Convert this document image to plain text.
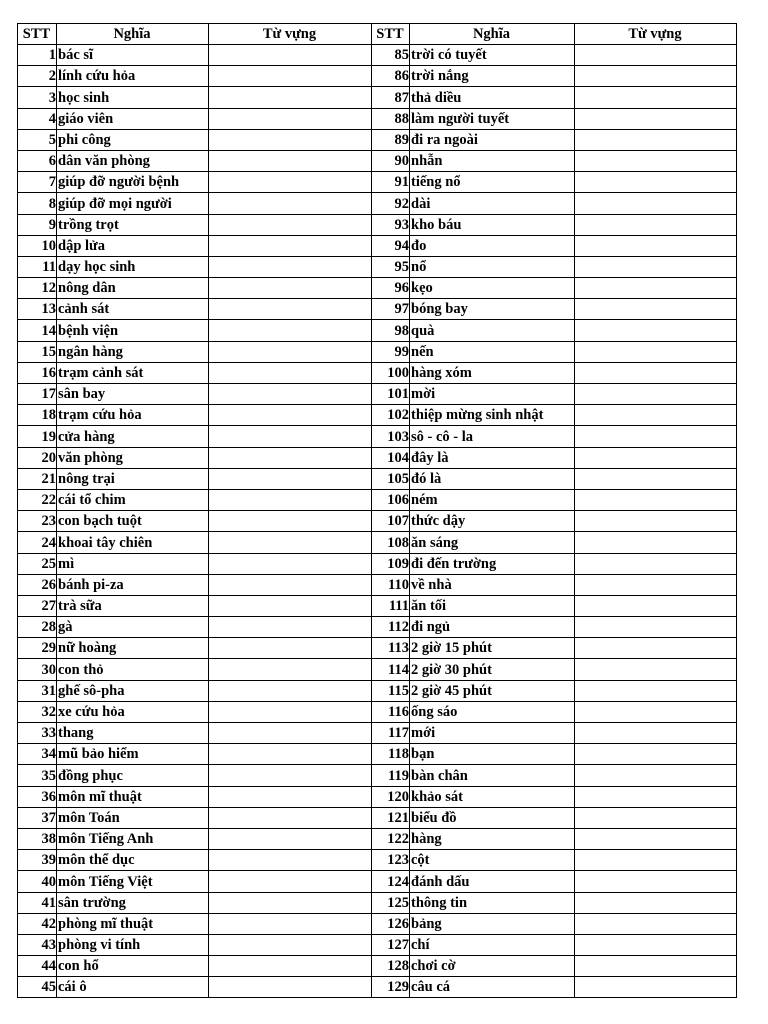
STT	Nghĩa	Từ vựng	STT	Nghĩa	Từ vựng
1	bác sĩ		85	trời có tuyết	
2	lính cứu hỏa		86	trời nắng	
3	học sinh		87	thả diều	
4	giáo viên		88	làm người tuyết	
5	phi công		89	đi ra ngoài	
6	dân văn phòng		90	nhẫn	
7	giúp đỡ người bệnh		91	tiếng nổ	
8	giúp đỡ mọi người		92	dài	
9	trồng trọt		93	kho báu	
10	dập lửa		94	đo	
11	dạy học sinh		95	nổ	
12	nông dân		96	kẹo	
13	cảnh sát		97	bóng bay	
14	bệnh viện		98	quà	
15	ngân hàng		99	nến	
16	trạm cảnh sát		100	hàng xóm	
17	sân bay		101	mời	
18	trạm cứu hỏa		102	thiệp mừng sinh nhật	
19	cửa hàng		103	sô - cô - la	
20	văn phòng		104	đây là	
21	nông trại		105	đó là	
22	cái tổ chim		106	ném	
23	con bạch tuột		107	thức dậy	
24	khoai tây chiên		108	ăn sáng	
25	mì		109	đi đến trường	
26	bánh pi-za		110	về nhà	
27	trà sữa		111	ăn tối	
28	gà		112	đi ngủ	
29	nữ hoàng		113	2 giờ 15 phút	
30	con thỏ		114	2 giờ 30 phút	
31	ghế sô-pha		115	2 giờ 45 phút	
32	xe cứu hỏa		116	ống sáo	
33	thang		117	mới	
34	mũ bảo hiểm		118	bạn	
35	đồng phục		119	bàn chân	
36	môn mĩ thuật		120	khảo sát	
37	môn Toán		121	biểu đồ	
38	môn Tiếng Anh		122	hàng	
39	môn thể dục		123	cột	
40	môn Tiếng Việt		124	đánh dấu	
41	sân trường		125	thông tin	
42	phòng mĩ thuật		126	bảng	
43	phòng vi tính		127	chí	
44	con hổ		128	chơi cờ	
45	cái ô		129	câu cá	
